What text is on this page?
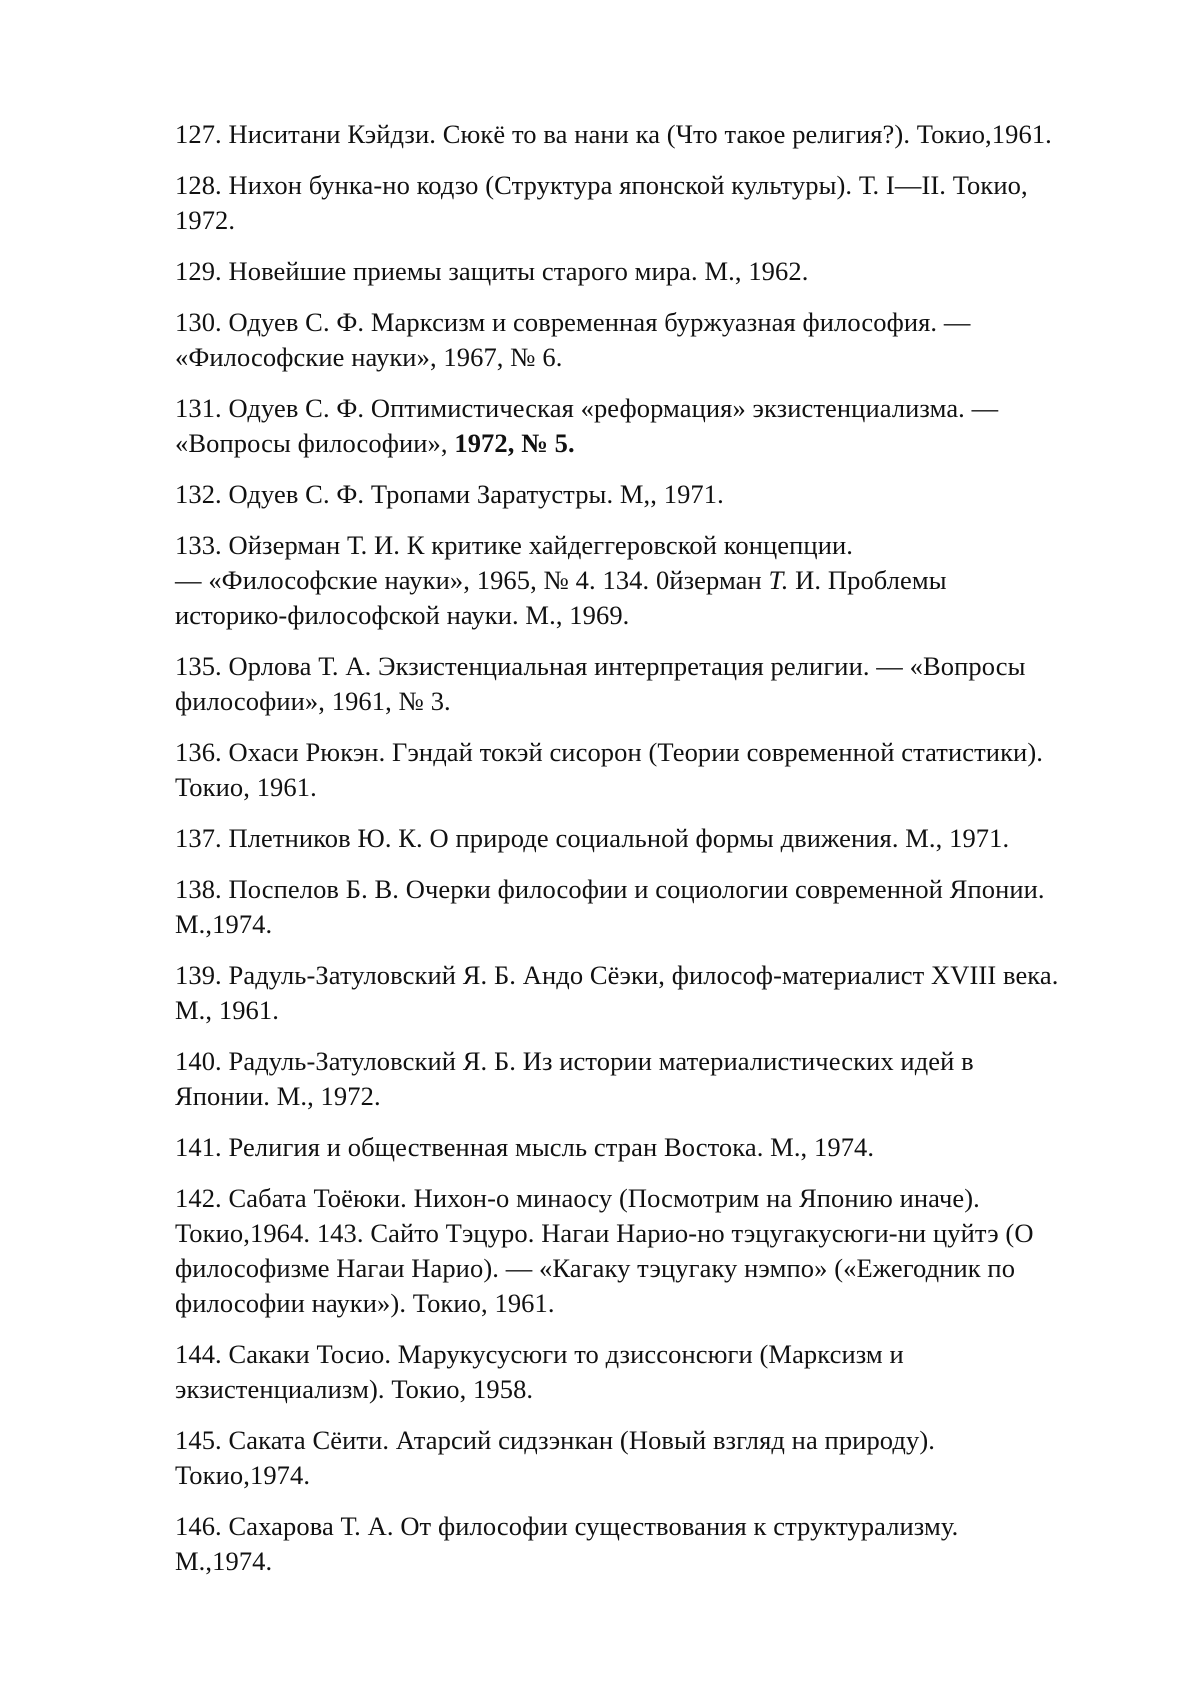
127. Ниситани Кэйдзи. Сюкё то ва нани ка (Что такое религия?). Токио,1961.
128. Нихон бунка-но кодзо (Структура японской культуры). Т. I—II. Токио,
1972.
129. Новейшие приемы защиты старого мира. М., 1962.
130. Одуев С. Ф. Марксизм и современная буржуазная философия. —
«Философские науки», 1967, № 6.
131. Одуев С. Ф. Оптимистическая «реформация» экзистенциализма. —
«Вопросы философии», 1972, № 5.
132. Одуев С. Ф. Тропами Заратустры. М,, 1971.
133. Ойзерман Т. И. К критике хайдеггеровской концепции.
— «Философские науки», 1965, № 4. 134. 0йзерман Т. И. Проблемы
историко-философской науки. М., 1969.
135. Орлова Т. А. Экзистенциальная интерпретация религии. — «Вопросы
философии», 1961, № 3.
136. Охаси Рюкэн. Гэндай токэй сисорон (Теории современной статистики).
Токио, 1961.
137. Плетников Ю. К. О природе социальной формы движения. М., 1971.
138. Поспелов Б. В. Очерки философии и социологии современной Японии.
М.,1974.
139. Радуль-Затуловский Я. Б. Андо Сёэки, философ-материалист XVIII века.
М., 1961.
140. Радуль-Затуловский Я. Б. Из истории материалистических идей в
Японии. М., 1972.
141. Религия и общественная мысль стран Востока. М., 1974.
142. Сабата Тоёюки. Нихон-о минаосу (Посмотрим на Японию иначе).
Токио,1964. 143. Сайто Тэцуро. Нагаи Нарио-но тэцугакусюги-ни цуйтэ (О
философизме Нагаи Нарио). — «Кагаку тэцугаку нэмпо» («Ежегодник по
философии науки»). Токио, 1961.
144. Сакаки Тосио. Марукусусюги то дзиссонсюги (Марксизм и
экзистенциализм). Токио, 1958.
145. Саката Сёити. Атарсий сидзэнкан (Новый взгляд на природу).
Токио,1974.
146. Сахарова Т. А. От философии существования к структурализму.
М.,1974.
